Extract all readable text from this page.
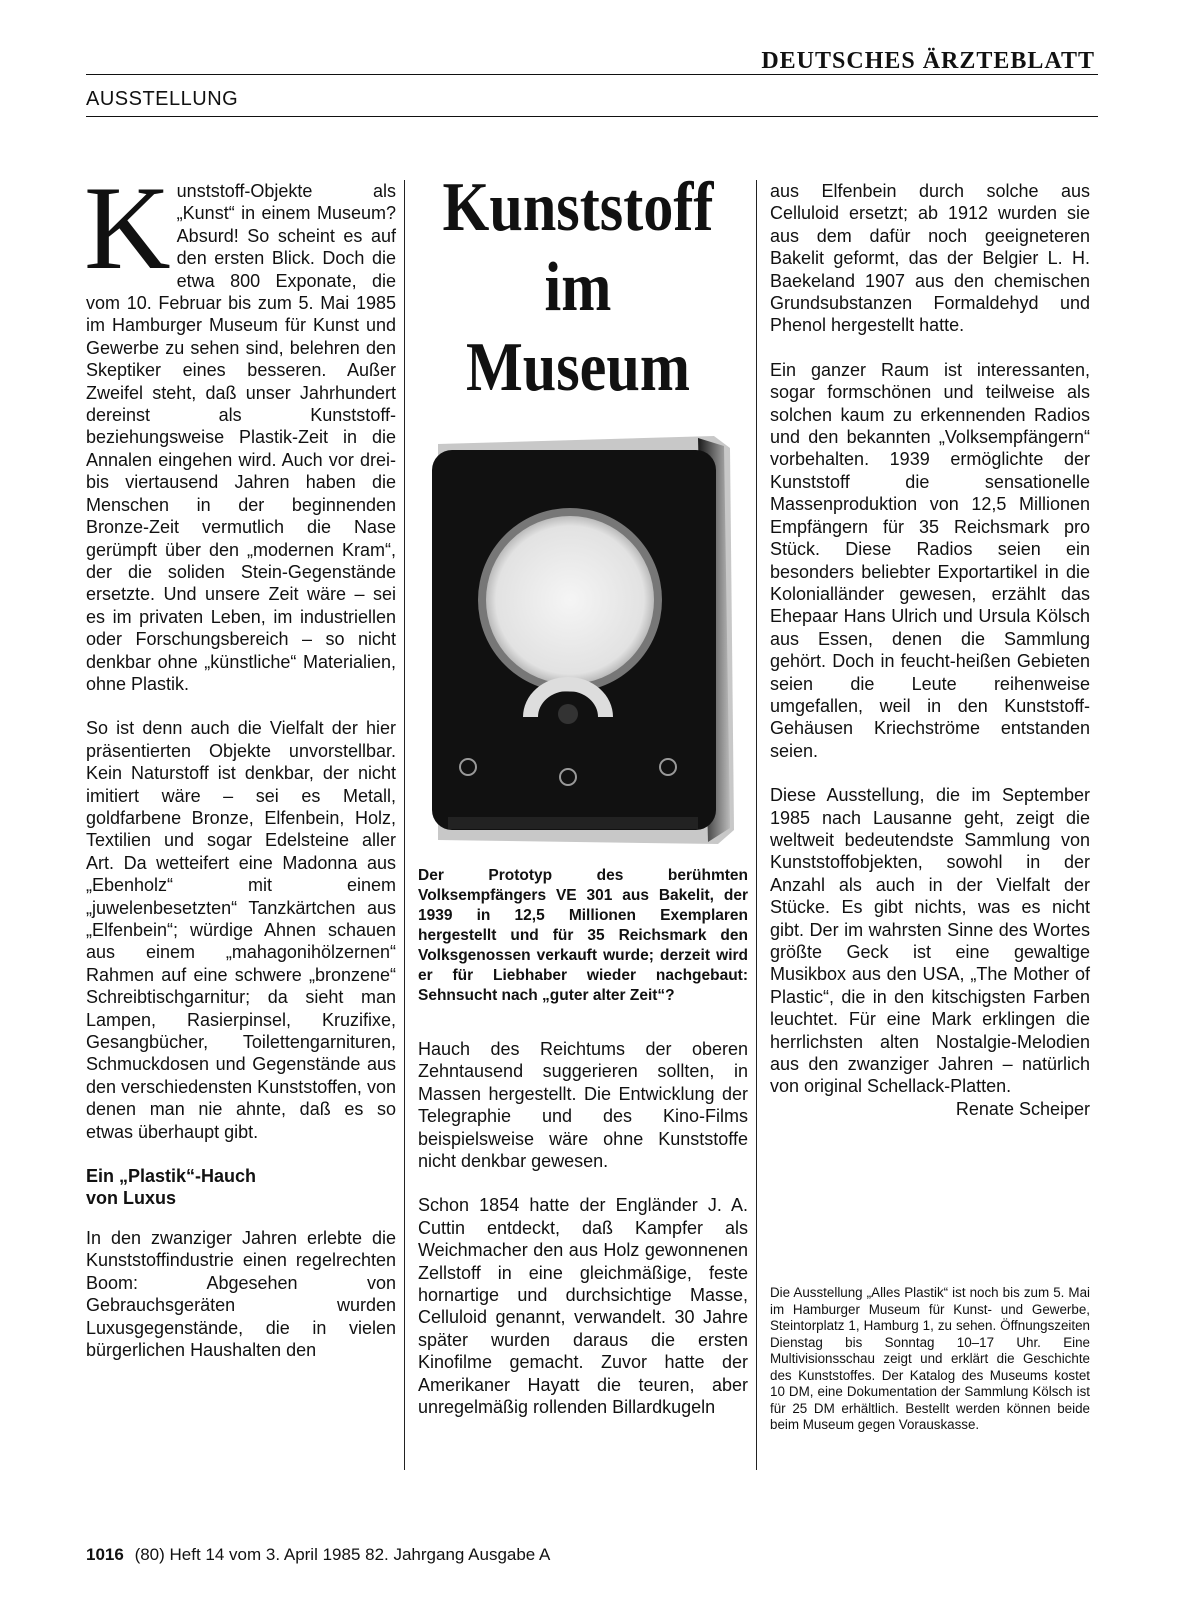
DEUTSCHES ÄRZTEBLATT
AUSSTELLUNG

Kunststoff-Objekte als „Kunst“ in einem Museum? Absurd! So scheint es auf den ersten Blick. Doch die etwa 800 Exponate, die vom 10. Februar bis zum 5. Mai 1985 im Hamburger Museum für Kunst und Gewerbe zu sehen sind, belehren den Skeptiker eines besseren. Außer Zweifel steht, daß unser Jahrhundert dereinst als Kunststoff- beziehungsweise Plastik-Zeit in die Annalen eingehen wird. Auch vor drei- bis viertausend Jahren haben die Menschen in der beginnenden Bronze-Zeit vermutlich die Nase gerümpft über den „modernen Kram“, der die soliden Stein-Gegenstände ersetzte. Und unsere Zeit wäre – sei es im privaten Leben, im industriellen oder Forschungsbereich – so nicht denkbar ohne „künstliche“ Materialien, ohne Plastik.

So ist denn auch die Vielfalt der hier präsentierten Objekte unvorstellbar. Kein Naturstoff ist denkbar, der nicht imitiert wäre – sei es Metall, goldfarbene Bronze, Elfenbein, Holz, Textilien und sogar Edelsteine aller Art. Da wetteifert eine Madonna aus „Ebenholz“ mit einem „juwelenbesetzten“ Tanzkärtchen aus „Elfenbein“; würdige Ahnen schauen aus einem „mahagonihölzernen“ Rahmen auf eine schwere „bronzene“ Schreibtischgarnitur; da sieht man Lampen, Rasierpinsel, Kruzifixe, Gesangbücher, Toilettengarnituren, Schmuckdosen und Gegenstände aus den verschiedensten Kunststoffen, von denen man nie ahnte, daß es so etwas überhaupt gibt.

Ein „Plastik“-Hauch von Luxus

In den zwanziger Jahren erlebte die Kunststoffindustrie einen regelrechten Boom: Abgesehen von Gebrauchsgeräten wurden Luxusgegenstände, die in vielen bürgerlichen Haushalten den

Kunststoff
im
Museum

Der Prototyp des berühmten Volksempfängers VE 301 aus Bakelit, der 1939 in 12,5 Millionen Exemplaren hergestellt und für 35 Reichsmark den Volksgenossen verkauft wurde; derzeit wird er für Liebhaber wieder nachgebaut: Sehnsucht nach „guter alter Zeit“?

Hauch des Reichtums der oberen Zehntausend suggerieren sollten, in Massen hergestellt. Die Entwicklung der Telegraphie und des Kino-Films beispielsweise wäre ohne Kunststoffe nicht denkbar gewesen.

Schon 1854 hatte der Engländer J. A. Cuttin entdeckt, daß Kampfer als Weichmacher den aus Holz gewonnenen Zellstoff in eine gleichmäßige, feste hornartige und durchsichtige Masse, Celluloid genannt, verwandelt. 30 Jahre später wurden daraus die ersten Kinofilme gemacht. Zuvor hatte der Amerikaner Hayatt die teuren, aber unregelmäßig rollenden Billardkugeln

aus Elfenbein durch solche aus Celluloid ersetzt; ab 1912 wurden sie aus dem dafür noch geeigneteren Bakelit geformt, das der Belgier L. H. Baekeland 1907 aus den chemischen Grundsubstanzen Formaldehyd und Phenol hergestellt hatte.

Ein ganzer Raum ist interessanten, sogar formschönen und teilweise als solchen kaum zu erkennenden Radios und den bekannten „Volksempfängern“ vorbehalten. 1939 ermöglichte der Kunststoff die sensationelle Massenproduktion von 12,5 Millionen Empfängern für 35 Reichsmark pro Stück. Diese Radios seien ein besonders beliebter Exportartikel in die Kolonialländer gewesen, erzählt das Ehepaar Hans Ulrich und Ursula Kölsch aus Essen, denen die Sammlung gehört. Doch in feucht-heißen Gebieten seien die Leute reihenweise umgefallen, weil in den Kunststoff-Gehäusen Kriechströme entstanden seien.

Diese Ausstellung, die im September 1985 nach Lausanne geht, zeigt die weltweit bedeutendste Sammlung von Kunststoffobjekten, sowohl in der Anzahl als auch in der Vielfalt der Stücke. Es gibt nichts, was es nicht gibt. Der im wahrsten Sinne des Wortes größte Geck ist eine gewaltige Musikbox aus den USA, „The Mother of Plastic“, die in den kitschigsten Farben leuchtet. Für eine Mark erklingen die herrlichsten alten Nostalgie-Melodien aus den zwanziger Jahren – natürlich von original Schellack-Platten.

Renate Scheiper

Die Ausstellung „Alles Plastik“ ist noch bis zum 5. Mai im Hamburger Museum für Kunst- und Gewerbe, Steintorplatz 1, Hamburg 1, zu sehen. Öffnungszeiten Dienstag bis Sonntag 10–17 Uhr. Eine Multivisionsschau zeigt und erklärt die Geschichte des Kunststoffes. Der Katalog des Museums kostet 10 DM, eine Dokumentation der Sammlung Kölsch ist für 25 DM erhältlich. Bestellt werden können beide beim Museum gegen Vorauskasse.

1016 (80) Heft 14 vom 3. April 1985 82. Jahrgang Ausgabe A
